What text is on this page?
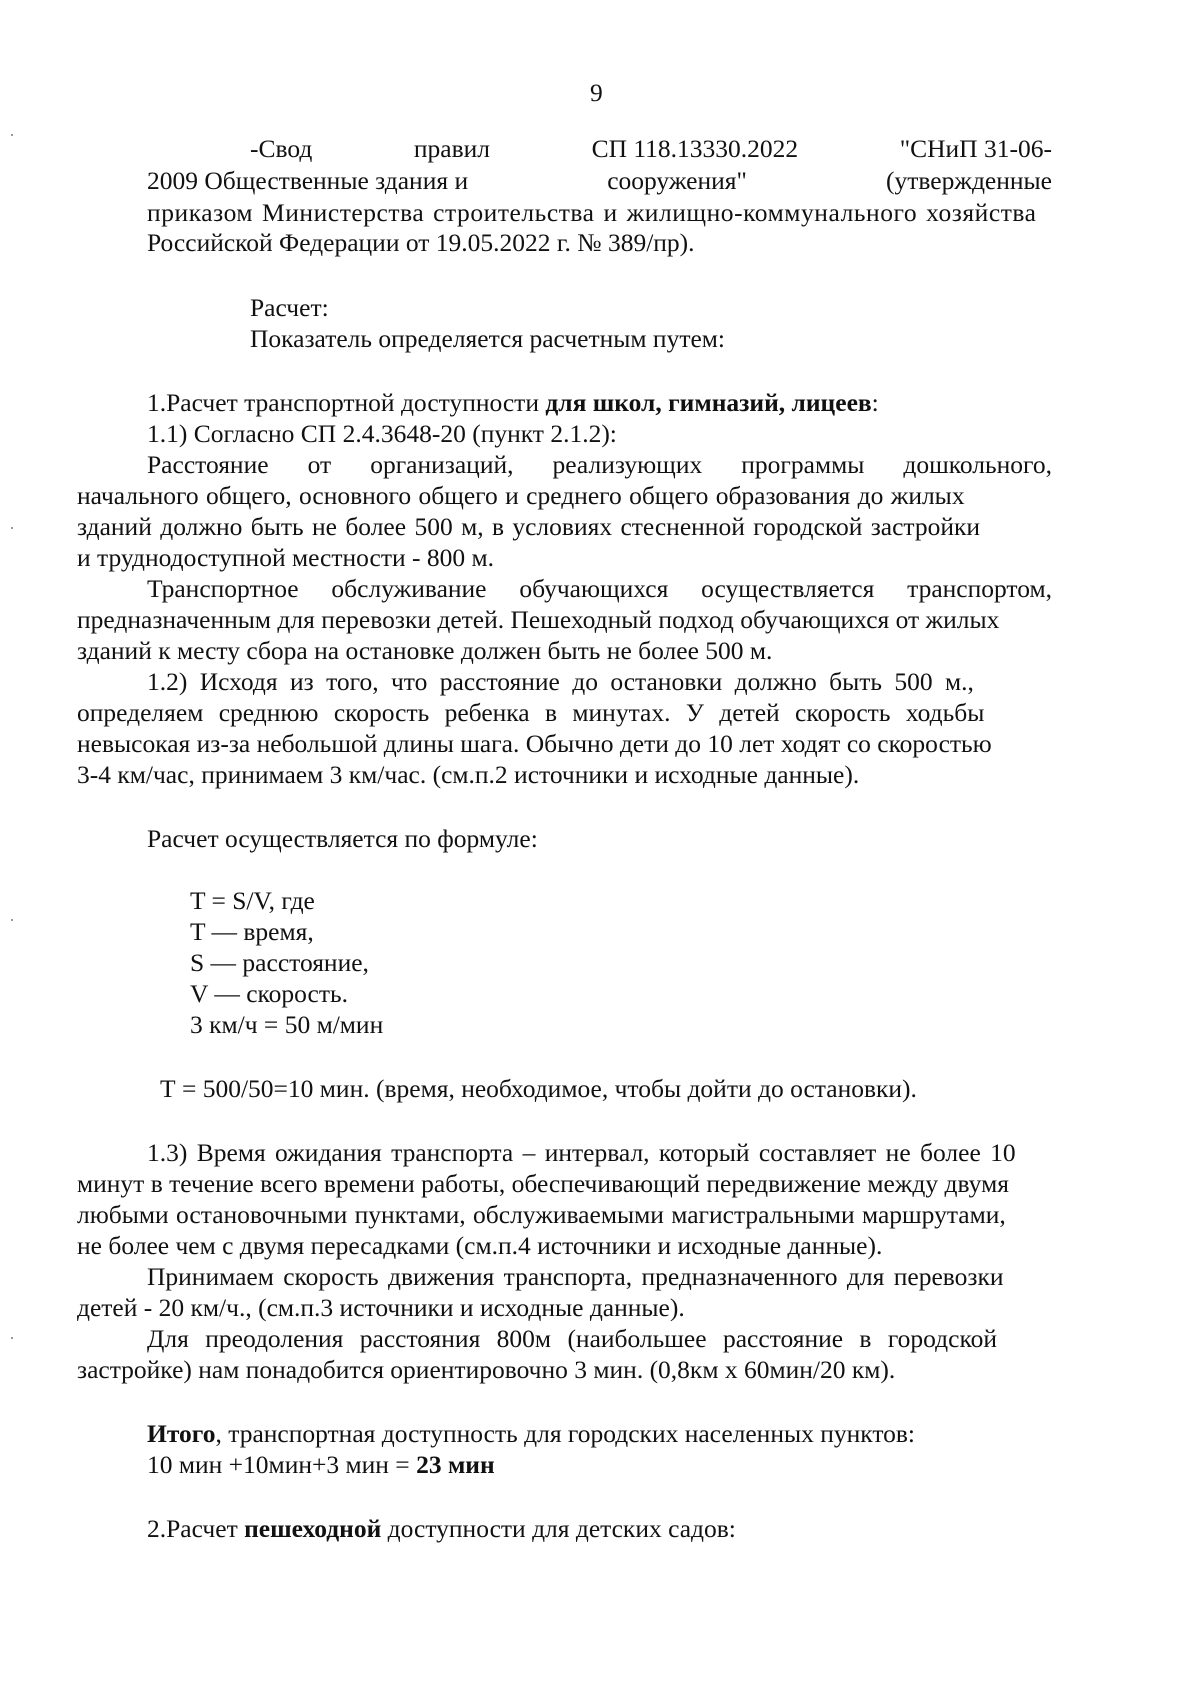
9
-Свод	правил	СП 118.13330.2022	"СНиП 31-06-
2009 Общественные здания и	сооружения"	(утвержденные
приказом Министерства строительства и жилищно-коммунального хозяйства
Российской Федерации от 19.05.2022 г. № 389/пр).
Расчет:
Показатель определяется расчетным путем:
1.Расчет транспортной доступности для школ, гимназий, лицеев:
1.1) Согласно СП 2.4.3648-20 (пункт 2.1.2):
Расстояние от организаций, реализующих программы дошкольного,
начального общего, основного общего и среднего общего образования до жилых
зданий должно быть не более 500 м, в условиях стесненной городской застройки
и труднодоступной местности - 800 м.
Транспортное обслуживание обучающихся осуществляется транспортом,
предназначенным для перевозки детей. Пешеходный подход обучающихся от жилых
зданий к месту сбора на остановке должен быть не более 500 м.
1.2) Исходя из того, что расстояние до остановки должно быть 500 м.,
определяем среднюю скорость ребенка в минутах. У детей скорость ходьбы
невысокая из-за небольшой длины шага. Обычно дети до 10 лет ходят со скоростью
3-4 км/час, принимаем 3 км/час. (см.п.2 источники и исходные данные).
Расчет осуществляется по формуле:
T = S/V, где
T — время,
S — расстояние,
V — скорость.
3 км/ч = 50 м/мин
Т = 500/50=10 мин. (время, необходимое, чтобы дойти до остановки).
1.3) Время ожидания транспорта – интервал, который составляет не более 10
минут в течение всего времени работы, обеспечивающий передвижение между двумя
любыми остановочными пунктами, обслуживаемыми магистральными маршрутами,
не более чем с двумя пересадками (см.п.4 источники и исходные данные).
Принимаем скорость движения транспорта, предназначенного для перевозки
детей - 20 км/ч., (см.п.3 источники и исходные данные).
Для преодоления расстояния 800м (наибольшее расстояние в городской
застройке) нам понадобится ориентировочно 3 мин. (0,8км х 60мин/20 км).
Итого, транспортная доступность для городских населенных пунктов:
10 мин +10мин+3 мин = 23 мин
2.Расчет пешеходной доступности для детских садов:
